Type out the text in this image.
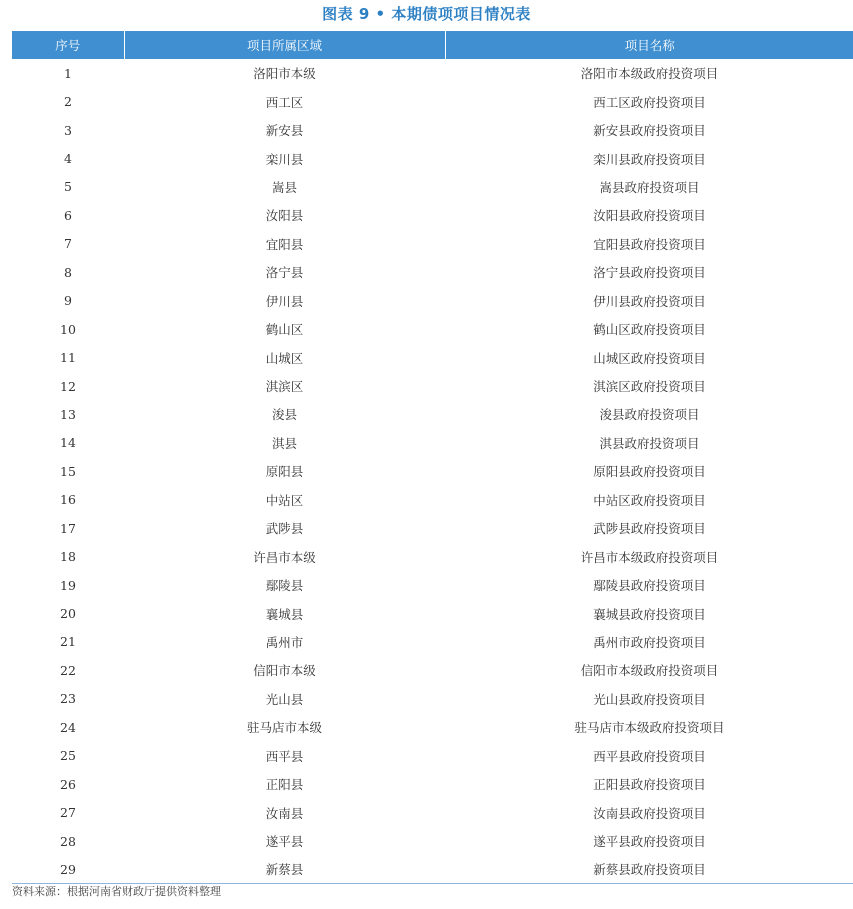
图表 9 • 本期债项项目情况表
序号	项目所属区域	项目名称
1	洛阳市本级	洛阳市本级政府投资项目
2	西工区	西工区政府投资项目
3	新安县	新安县政府投资项目
4	栾川县	栾川县政府投资项目
5	嵩县	嵩县政府投资项目
6	汝阳县	汝阳县政府投资项目
7	宜阳县	宜阳县政府投资项目
8	洛宁县	洛宁县政府投资项目
9	伊川县	伊川县政府投资项目
10	鹤山区	鹤山区政府投资项目
11	山城区	山城区政府投资项目
12	淇滨区	淇滨区政府投资项目
13	浚县	浚县政府投资项目
14	淇县	淇县政府投资项目
15	原阳县	原阳县政府投资项目
16	中站区	中站区政府投资项目
17	武陟县	武陟县政府投资项目
18	许昌市本级	许昌市本级政府投资项目
19	鄢陵县	鄢陵县政府投资项目
20	襄城县	襄城县政府投资项目
21	禹州市	禹州市政府投资项目
22	信阳市本级	信阳市本级政府投资项目
23	光山县	光山县政府投资项目
24	驻马店市本级	驻马店市本级政府投资项目
25	西平县	西平县政府投资项目
26	正阳县	正阳县政府投资项目
27	汝南县	汝南县政府投资项目
28	遂平县	遂平县政府投资项目
29	新蔡县	新蔡县政府投资项目
资料来源：根据河南省财政厅提供资料整理
